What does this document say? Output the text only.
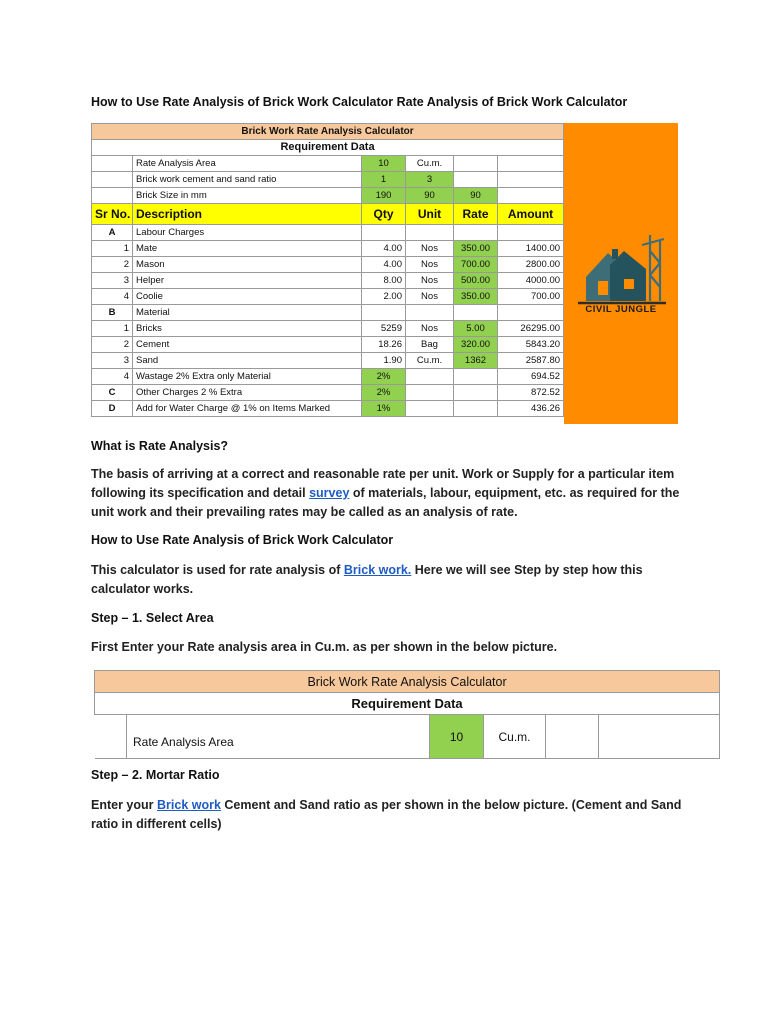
How to Use Rate Analysis of Brick Work Calculator Rate Analysis of Brick Work Calculator
Brick Work Rate Analysis Calculator					
Requirement Data					
	Rate Analysis Area	10	Cu.m.		
	Brick work cement and sand ratio	1	3		
	Brick Size in mm	190	90	90	
Sr No.	Description	Qty	Unit	Rate	Amount
A	Labour Charges				
1	Mate	4.00	Nos	350.00	1400.00
2	Mason	4.00	Nos	700.00	2800.00
3	Helper	8.00	Nos	500.00	4000.00
4	Coolie	2.00	Nos	350.00	700.00
B	Material				
1	Bricks	5259	Nos	5.00	26295.00
2	Cement	18.26	Bag	320.00	5843.20
3	Sand	1.90	Cu.m.	1362	2587.80
4	Wastage 2% Extra only Material	2%			694.52
C	Other Charges 2 % Extra	2%			872.52
D	Add for Water Charge @ 1% on Items Marked	1%			436.26
CIVIL JUNGLE
What is Rate Analysis?
The basis of arriving at a correct and reasonable rate per unit. Work or Supply for a particular item following its specification and detail survey of materials, labour, equipment, etc. as required for the unit work and their prevailing rates may be called as an analysis of rate.
How to Use Rate Analysis of Brick Work Calculator
This calculator is used for rate analysis of Brick work. Here we will see Step by step how this calculator works.
Step – 1. Select Area
First Enter your Rate analysis area in Cu.m. as per shown in the below picture.
Brick Work Rate Analysis Calculator
Requirement Data
	Rate Analysis Area	10	Cu.m.		
Step – 2. Mortar Ratio
Enter your Brick work Cement and Sand ratio as per shown in the below picture. (Cement and Sand ratio in different cells)
